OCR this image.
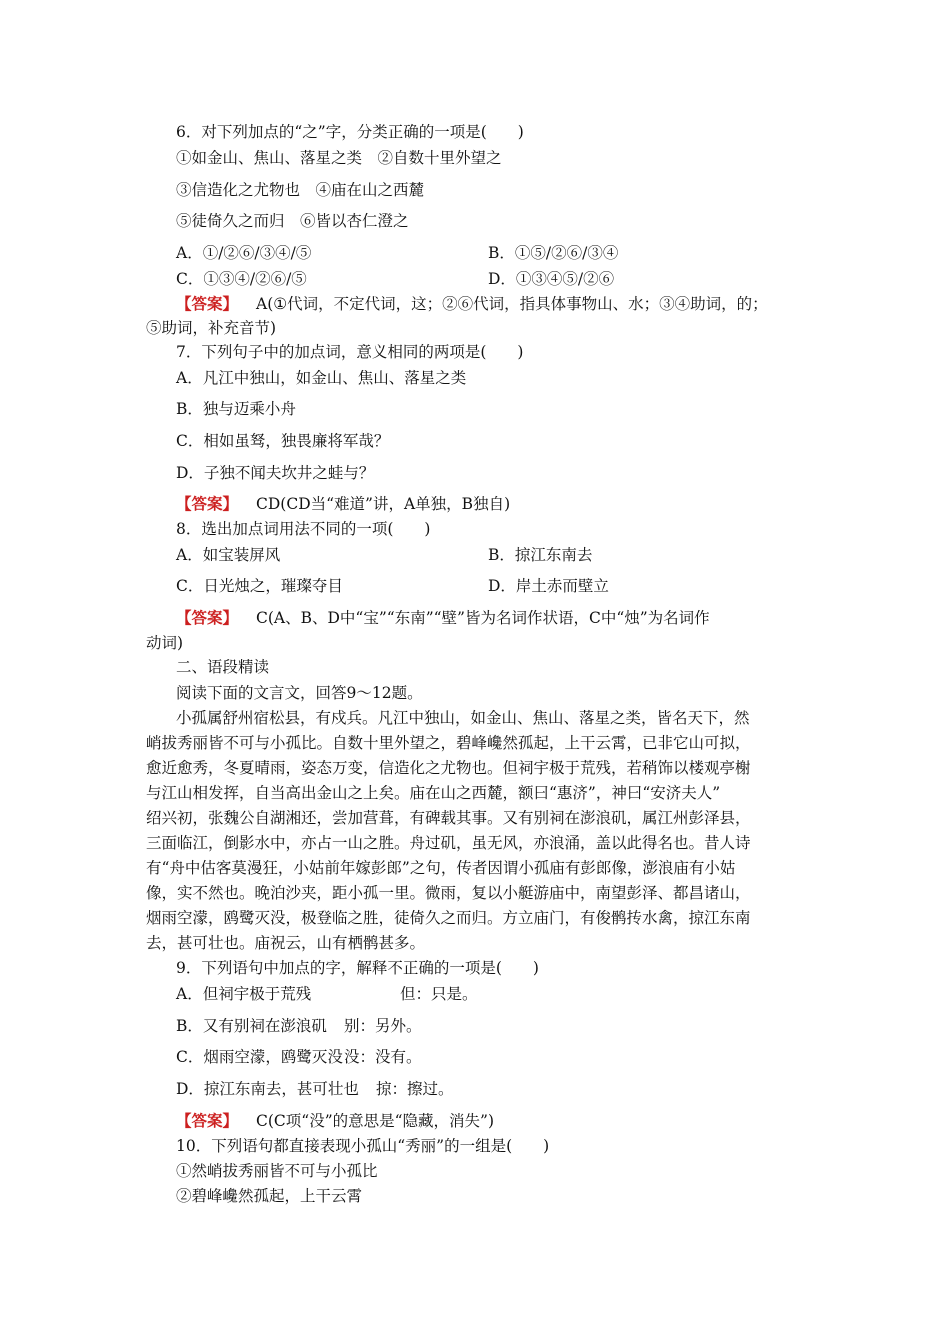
6．对下列加点的“之”字，分类正确的一项是(　　)
①如金山、焦山、落星之类　 ②自数十里外望之
③信造化之尤物也　 ④庙在山之西麓
⑤徒倚久之而归　 ⑥皆以杏仁澄之
A．①/②⑥/③④/⑤	B．①⑤/②⑥/③④
C．①③④/②⑥/⑤	D．①③④⑤/②⑥
【答案】 A(①代词，不定代词，这；②⑥代词，指具体事物山、水；③④助词，的；
⑤助词，补充音节)
7．下列句子中的加点词，意义相同的两项是(　　)
A．凡江中独山，如金山、焦山、落星之类
B．独与迈乘小舟
C．相如虽驽，独畏廉将军哉？
D．子独不闻夫坎井之蛙与？
【答案】 CD(CD当“难道”讲，A单独，B独自)
8．选出加点词用法不同的一项(　　)
A．如宝装屏风	B．掠江东南去
C．日光烛之，璀璨夺目	D．岸土赤而壁立
【答案】 C(A、B、D中“宝”“东南”“壁”皆为名词作状语，C中“烛”为名词作
动词)
二、语段精读
阅读下面的文言文，回答9～12题。
小孤属舒州宿松县，有戍兵。凡江中独山，如金山、焦山、落星之类，皆名天下，然
峭拔秀丽皆不可与小孤比。自数十里外望之，碧峰巉然孤起，上干云霄，已非它山可拟，
愈近愈秀，冬夏晴雨，姿态万变，信造化之尤物也。但祠宇极于荒残，若稍饰以楼观亭榭
与江山相发挥，自当高出金山之上矣。庙在山之西麓，额曰“惠济”，神曰“安济夫人”
绍兴初，张魏公自湖湘还，尝加营葺，有碑载其事。又有别祠在澎浪矶，属江州彭泽县，
三面临江，倒影水中，亦占一山之胜。舟过矶，虽无风，亦浪涌，盖以此得名也。昔人诗
有“舟中估客莫漫狂，小姑前年嫁彭郎”之句，传者因谓小孤庙有彭郎像，澎浪庙有小姑
像，实不然也。晚泊沙夹，距小孤一里。微雨，复以小艇游庙中，南望彭泽、都昌诸山，
烟雨空濛，鸥鹭灭没，极登临之胜，徒倚久之而归。方立庙门，有俊鹘抟水禽，掠江东南
去，甚可壮也。庙祝云，山有栖鹘甚多。
9．下列语句中加点的字，解释不正确的一项是(　　)
A．但祠宇极于荒残	但：只是。
B．又有别祠在澎浪矶 别：另外。
C．烟雨空濛，鸥鹭灭没没：没有。
D．掠江东南去，甚可壮也 掠：擦过。
【答案】 C(C项“没”的意思是“隐藏，消失”)
10．下列语句都直接表现小孤山“秀丽”的一组是(　　)
①然峭拔秀丽皆不可与小孤比
②碧峰巉然孤起，上干云霄
